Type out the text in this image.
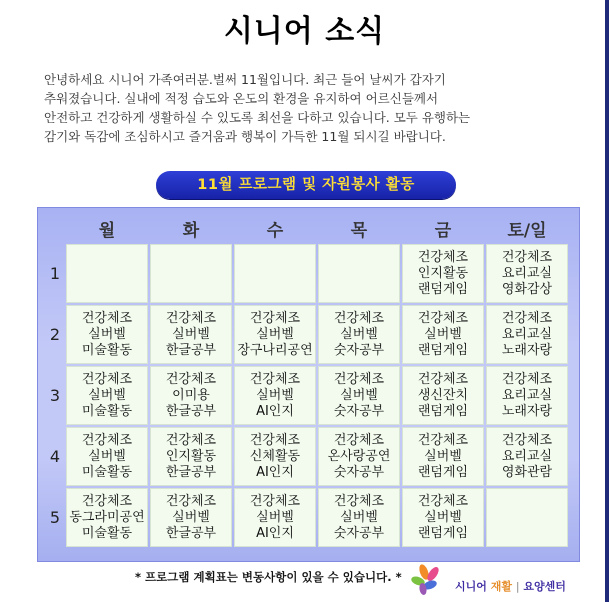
시니어 소식
안녕하세요 시니어 가족여러분.벌써 11월입니다. 최근 들어 날씨가 갑자기
추워졌습니다. 실내에 적정 습도와 온도의 환경을 유지하여 어르신들께서
안전하고 건강하게 생활하실 수 있도록 최선을 다하고 있습니다. 모두 유행하는
감기와 독감에 조심하시고 즐거움과 행복이 가득한 11월 되시길 바랍니다.
11월 프로그램 및 자원봉사 활동
	월	화	수	목	금	토/일
1					건강체조
인지활동
랜덤게임	건강체조
요리교실
영화감상

2	건강체조
실버벨
미술활동	건강체조
실버벨
한글공부	건강체조
실버벨
장구나리공연	건강체조
실버벨
숫자공부	건강체조
실버벨
랜덤게임	건강체조
요리교실
노래자랑

3	건강체조
실버벨
미술활동	건강체조
이미용
한글공부	건강체조
실버벨
AI인지	건강체조
실버벨
숫자공부	건강체조
생신잔치
랜덤게임	건강체조
요리교실
노래자랑

4	건강체조
실버벨
미술활동	건강체조
인지활동
한글공부	건강체조
신체활동
AI인지	건강체조
온사랑공연
숫자공부	건강체조
실버벨
랜덤게임	건강체조
요리교실
영화관람

5	건강체조
동그라미공연
미술활동	건강체조
실버벨
한글공부	건강체조
실버벨
AI인지	건강체조
실버벨
숫자공부	건강체조
실버벨
랜덤게임	

* 프로그램 계획표는 변동사항이 있을 수 있습니다. *
시니어 재활 | 요양센터
